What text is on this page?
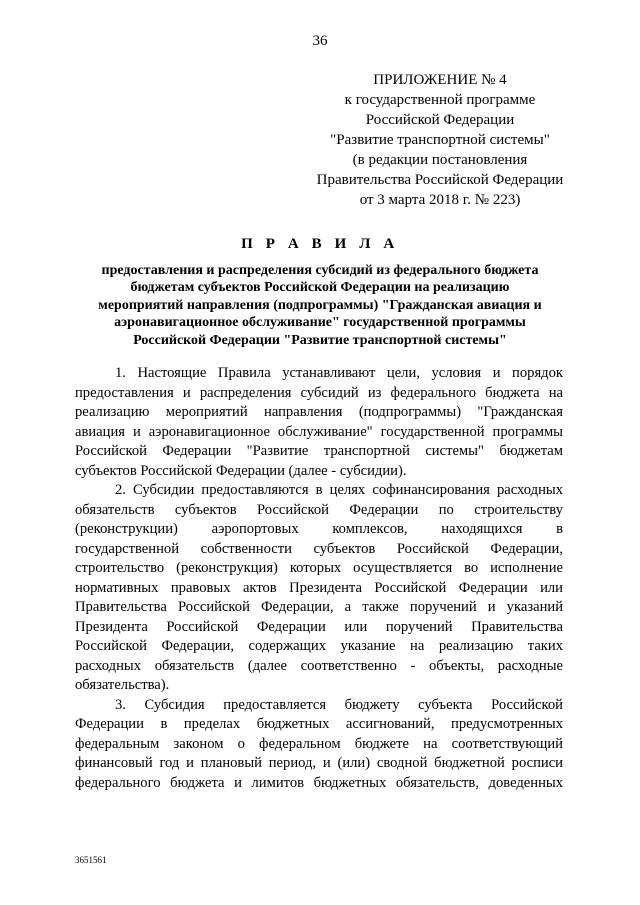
36
ПРИЛОЖЕНИЕ № 4
к государственной программе
Российской Федерации
"Развитие транспортной системы"
(в редакции постановления
Правительства Российской Федерации
от 3 марта 2018 г. № 223)
П Р А В И Л А
предоставления и распределения субсидий из федерального бюджета
бюджетам субъектов Российской Федерации на реализацию
мероприятий направления (подпрограммы) "Гражданская авиация и
аэронавигационное обслуживание" государственной программы
Российской Федерации "Развитие транспортной системы"
1. Настоящие Правила устанавливают цели, условия и порядок
предоставления и распределения субсидий из федерального бюджета на
реализацию мероприятий направления (подпрограммы) "Гражданская
авиация и аэронавигационное обслуживание" государственной программы
Российской Федерации "Развитие транспортной системы" бюджетам
субъектов Российской Федерации (далее - субсидии).
2. Субсидии предоставляются в целях софинансирования расходных
обязательств субъектов Российской Федерации по строительству
(реконструкции) аэропортовых комплексов, находящихся в
государственной собственности субъектов Российской Федерации,
строительство (реконструкция) которых осуществляется во исполнение
нормативных правовых актов Президента Российской Федерации или
Правительства Российской Федерации, а также поручений и указаний
Президента Российской Федерации или поручений Правительства
Российской Федерации, содержащих указание на реализацию таких
расходных обязательств (далее соответственно - объекты, расходные
обязательства).
3. Субсидия предоставляется бюджету субъекта Российской
Федерации в пределах бюджетных ассигнований, предусмотренных
федеральным законом о федеральном бюджете на соответствующий
финансовый год и плановый период, и (или) сводной бюджетной росписи
федерального бюджета и лимитов бюджетных обязательств, доведенных
3651561
